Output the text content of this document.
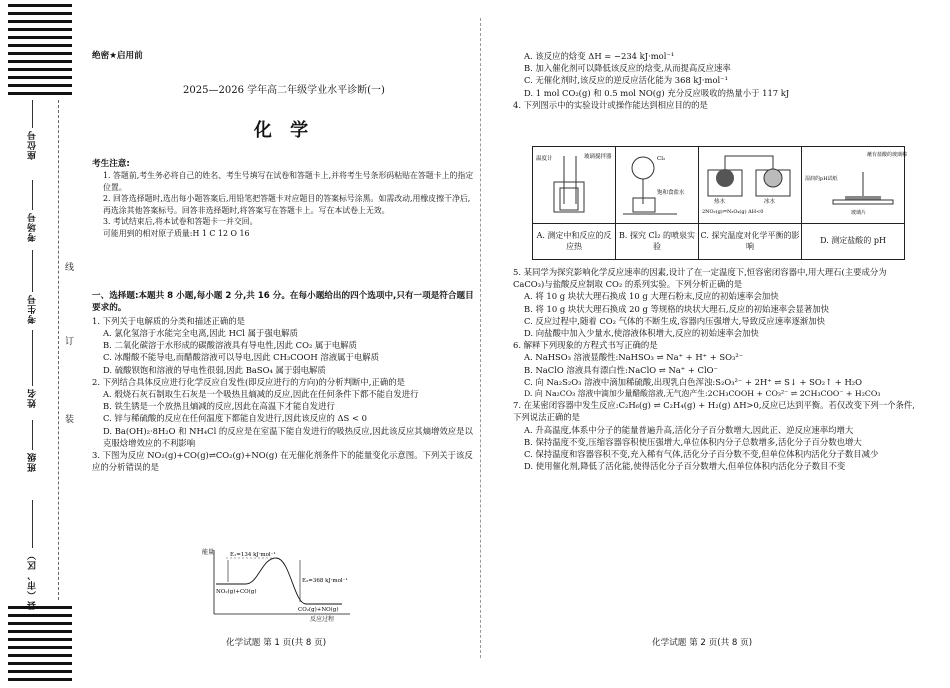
座位号
考场号
考生号
姓名
班级
县（市、区）
线
订
装

绝密★启用前

2025—2026 学年高二年级学业水平诊断(一)

化 学

考生注意:

1. 答题前,考生务必将自己的姓名、考生号填写在试卷和答题卡上,并将考生号条形码粘贴在答题卡上的指定位置。

2. 回答选择题时,选出每小题答案后,用铅笔把答题卡对应题目的答案标号涂黑。如需改动,用橡皮擦干净后,再选涂其他答案标号。回答非选择题时,将答案写在答题卡上。写在本试卷上无效。

3. 考试结束后,将本试卷和答题卡一并交回。

可能用到的相对原子质量:H 1 C 12 O 16

一、选择题:本题共 8 小题,每小题 2 分,共 16 分。在每小题给出的四个选项中,只有一项是符合题目要求的。

1. 下列关于电解质的分类和描述正确的是

A. 氯化氢溶于水能完全电离,因此 HCl 属于强电解质

B. 二氧化碳溶于水形成的碳酸溶液具有导电性,因此 CO₂ 属于电解质

C. 冰醋酸不能导电,而醋酸溶液可以导电,因此 CH₃COOH 溶液属于电解质

D. 硫酸钡饱和溶液的导电性很弱,因此 BaSO₄ 属于弱电解质

2. 下列结合具体反应进行化学反应自发性(即反应进行的方向)的分析判断中,正确的是

A. 煅烧石灰石制取生石灰是一个吸热且熵减的反应,因此在任何条件下都不能自发进行

B. 铁生锈是一个放热且熵减的反应,因此在高温下才能自发进行

C. 锌与稀硫酸的反应在任何温度下都能自发进行,因此该反应的 ΔS < 0

D. Ba(OH)₂·8H₂O 和 NH₄Cl 的反应是在室温下能自发进行的吸热反应,因此该反应其熵增效应是以克服焓增效应的不利影响

3. 下图为反应 NO₂(g)+CO(g)⇌CO₂(g)+NO(g) 在无催化剂条件下的能量变化示意图。下列关于该反应的分析错误的是

能量	E₁=134 kJ·mol⁻¹
E₂=368 kJ·mol⁻¹
NO₂(g)+CO(g)
CO₂(g)+NO(g)

反应过程

化学试题 第 1 页(共 8 页)

A. 该反应的焓变 ΔH = −234 kJ·mol⁻¹

B. 加入催化剂可以降低该反应的焓变,从而提高反应速率

C. 无催化剂时,该反应的逆反应活化能为 368 kJ·mol⁻¹

D. 1 mol CO₂(g) 和 0.5 mol NO(g) 充分反应吸收的热量小于 117 kJ

4. 下列图示中的实验设计或操作能达到相应目的的是

温度计 玻璃搅拌器	Cl₂
饱和食盐水	热水 冰水
2NO₂(g)⇌N₂O₄(g) ΔH<0	蘸有盐酸的玻璃棒
湿润的pH试纸
玻璃片

A. 测定中和反应的反应热	B. 探究 Cl₂ 的喷泉实验	C. 探究温度对化学平衡的影响	D. 测定盐酸的 pH

5. 某同学为探究影响化学反应速率的因素,设计了在一定温度下,恒容密闭容器中,用大理石(主要成分为 CaCO₃)与盐酸反应制取 CO₂ 的系列实验。下列分析正确的是

A. 将 10 g 块状大理石换成 10 g 大理石粉末,反应的初始速率会加快

B. 将 10 g 块状大理石换成 20 g 等规格的块状大理石,反应的初始速率会显著加快

C. 反应过程中,随着 CO₂ 气体的不断生成,容器内压强增大,导致反应速率逐渐加快

D. 向盐酸中加入少量水,使溶液体积增大,反应的初始速率会加快

6. 解释下列现象的方程式书写正确的是

A. NaHSO₃ 溶液显酸性:NaHSO₃ ⇌ Na⁺ + H⁺ + SO₃²⁻

B. NaClO 溶液具有漂白性:NaClO ⇌ Na⁺ + ClO⁻

C. 向 Na₂S₂O₃ 溶液中滴加稀硫酸,出现乳白色浑浊:S₂O₃²⁻ + 2H⁺ ⇌ S↓ + SO₂↑ + H₂O

D. 向 Na₂CO₃ 溶液中滴加少量醋酸溶液,无气泡产生:2CH₃COOH + CO₃²⁻ ⇌ 2CH₃COO⁻ + H₂CO₃

7. 在某密闭容器中发生反应:C₂H₆(g) ⇌ C₂H₄(g) + H₂(g) ΔH>0,反应已达到平衡。若仅改变下列一个条件,下列说法正确的是

A. 升高温度,体系中分子的能量普遍升高,活化分子百分数增大,因此正、逆反应速率均增大

B. 保持温度不变,压缩容器容积使压强增大,单位体积内分子总数增多,活化分子百分数也增大

C. 保持温度和容器容积不变,充入稀有气体,活化分子百分数不变,但单位体积内活化分子数目减少

D. 使用催化剂,降低了活化能,使得活化分子百分数增大,但单位体积内活化分子数目不变

化学试题 第 2 页(共 8 页)
